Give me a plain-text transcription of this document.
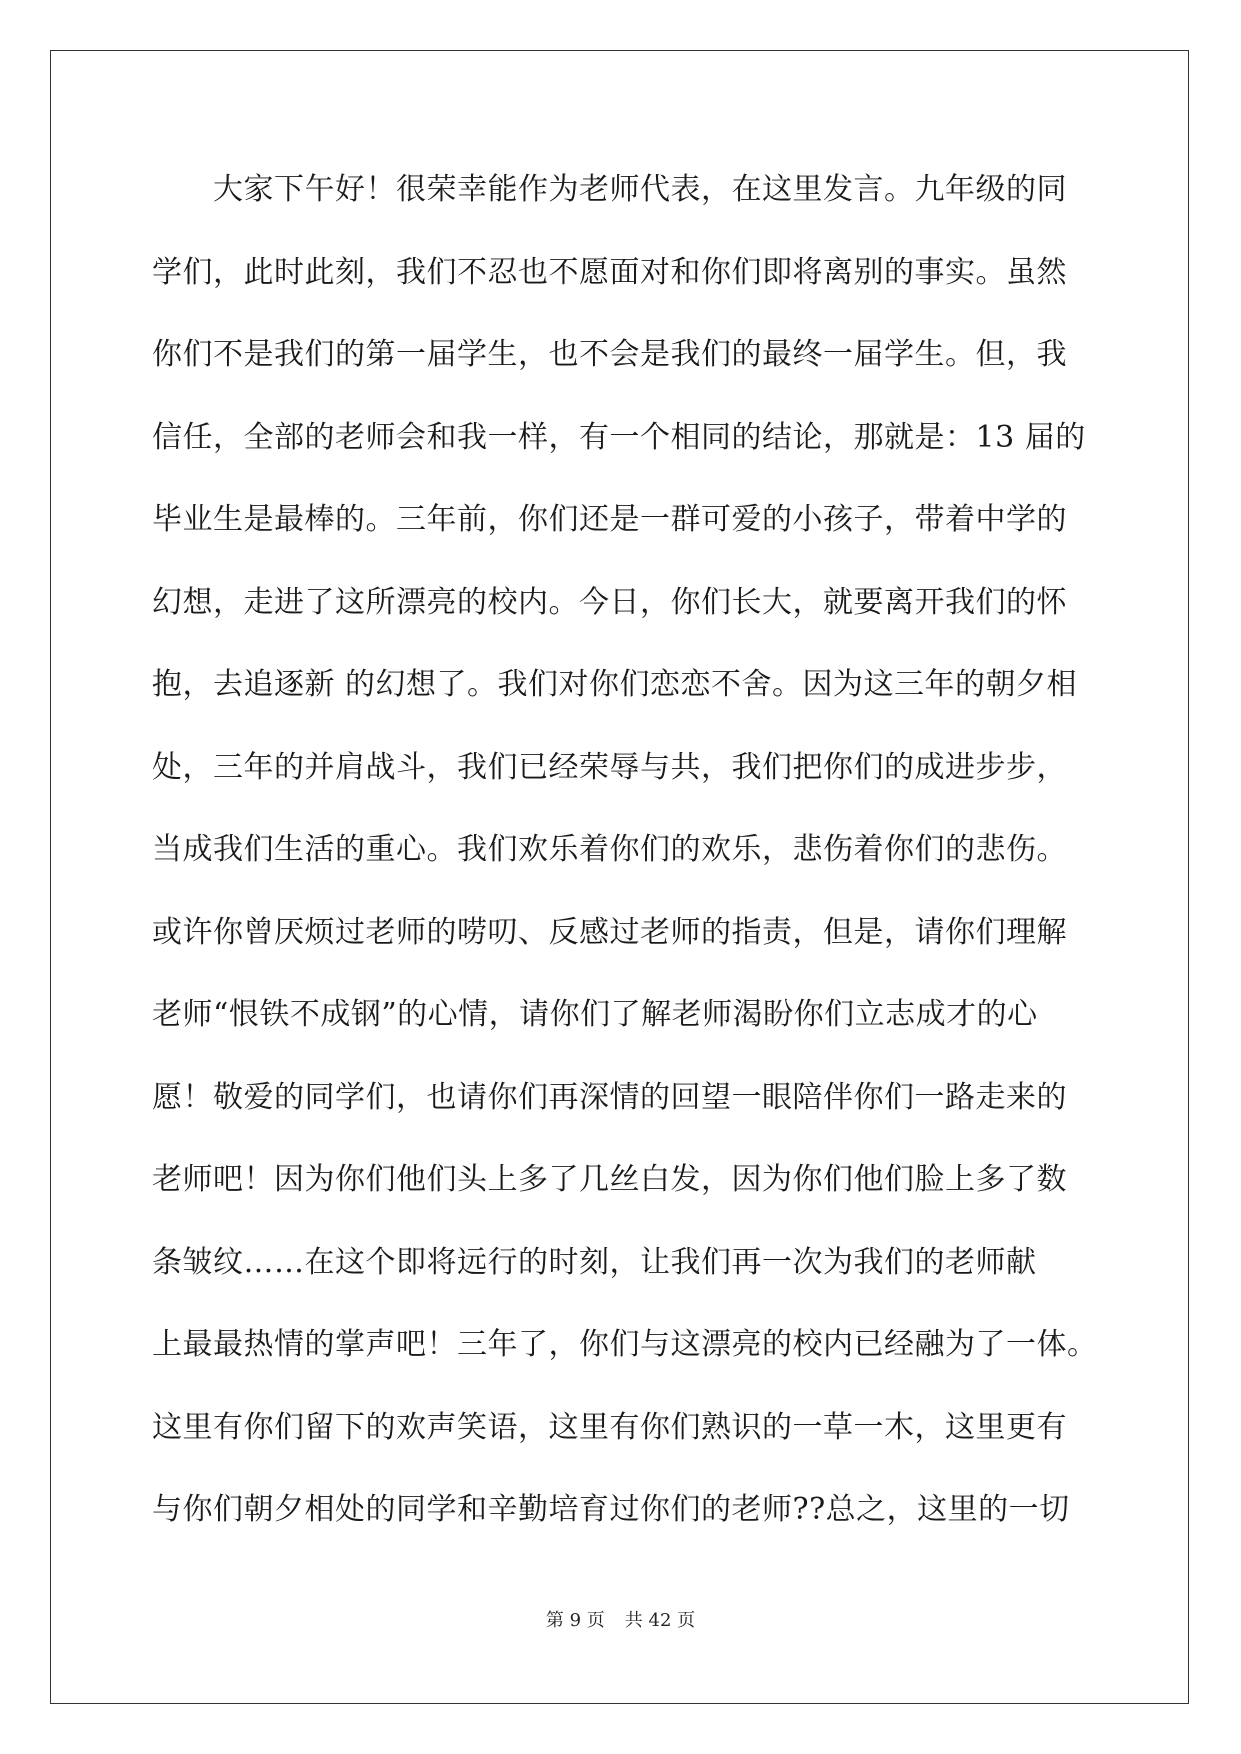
　　大家下午好！很荣幸能作为老师代表，在这里发言。九年级的同
学们，此时此刻，我们不忍也不愿面对和你们即将离别的事实。虽然
你们不是我们的第一届学生，也不会是我们的最终一届学生。但，我
信任，全部的老师会和我一样，有一个相同的结论，那就是：13 届的
毕业生是最棒的。三年前，你们还是一群可爱的小孩子，带着中学的
幻想，走进了这所漂亮的校内。今日，你们长大，就要离开我们的怀
抱，去追逐新 的幻想了。我们对你们恋恋不舍。因为这三年的朝夕相
处，三年的并肩战斗，我们已经荣辱与共，我们把你们的成进步步，
当成我们生活的重心。我们欢乐着你们的欢乐，悲伤着你们的悲伤。
或许你曾厌烦过老师的唠叨、反感过老师的指责，但是，请你们理解
老师“恨铁不成钢”的心情，请你们了解老师渴盼你们立志成才的心
愿！敬爱的同学们，也请你们再深情的回望一眼陪伴你们一路走来的
老师吧！因为你们他们头上多了几丝白发，因为你们他们脸上多了数
条皱纹……在这个即将远行的时刻，让我们再一次为我们的老师献
上最最热情的掌声吧！三年了，你们与这漂亮的校内已经融为了一体。
这里有你们留下的欢声笑语，这里有你们熟识的一草一木，这里更有
与你们朝夕相处的同学和辛勤培育过你们的老师??总之，这里的一切
第 9 页 共 42 页
